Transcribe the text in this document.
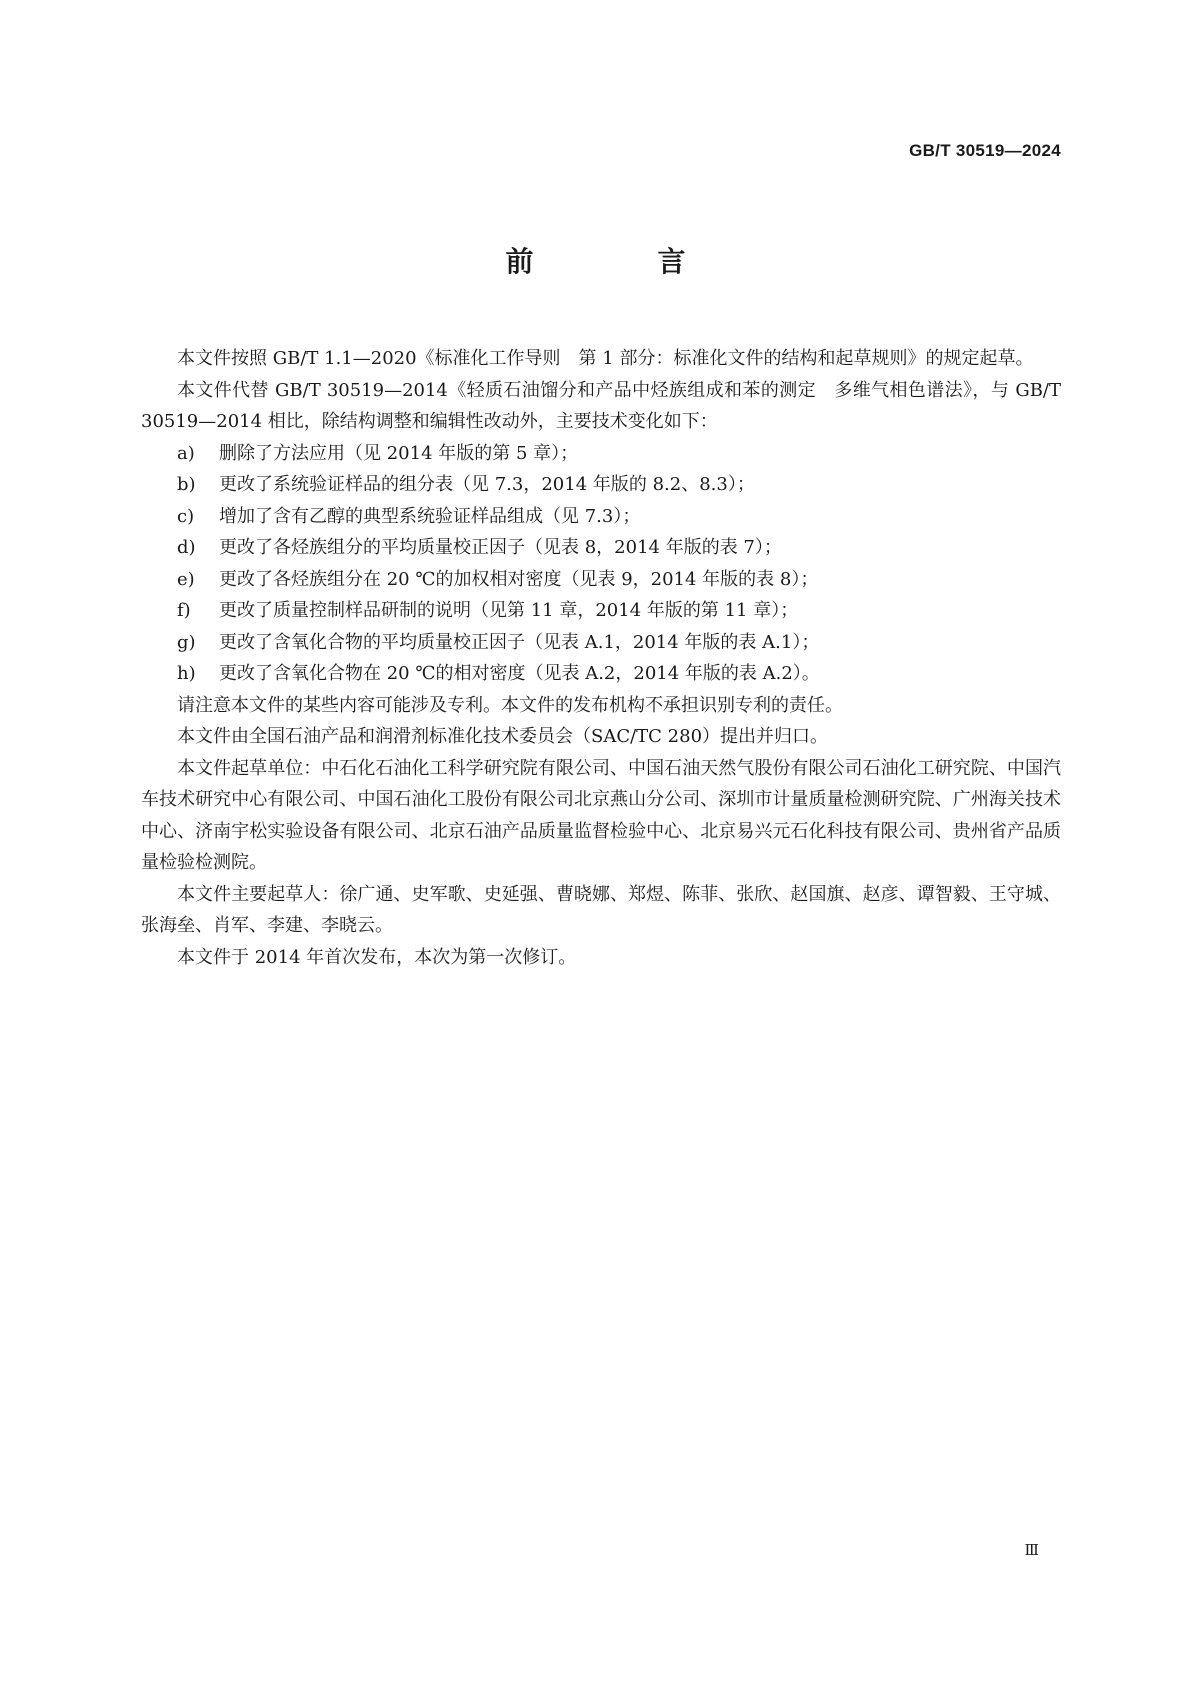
GB/T 30519—2024
前　言

本文件按照 GB/T 1.1—2020《标准化工作导则　第 1 部分：标准化文件的结构和起草规则》的规定起草。

本文件代替 GB/T 30519—2014《轻质石油馏分和产品中烃族组成和苯的测定　多维气相色谱法》，与 GB/T 30519—2014 相比，除结构调整和编辑性改动外，主要技术变化如下：

a)	删除了方法应用（见 2014 年版的第 5 章）；
b)	更改了系统验证样品的组分表（见 7.3，2014 年版的 8.2、8.3）；
c)	增加了含有乙醇的典型系统验证样品组成（见 7.3）；
d)	更改了各烃族组分的平均质量校正因子（见表 8，2014 年版的表 7）；
e)	更改了各烃族组分在 20 ℃的加权相对密度（见表 9，2014 年版的表 8）；
f)	更改了质量控制样品研制的说明（见第 11 章，2014 年版的第 11 章）；
g)	更改了含氧化合物的平均质量校正因子（见表 A.1，2014 年版的表 A.1）；
h)	更改了含氧化合物在 20 ℃的相对密度（见表 A.2，2014 年版的表 A.2）。

请注意本文件的某些内容可能涉及专利。本文件的发布机构不承担识别专利的责任。

本文件由全国石油产品和润滑剂标准化技术委员会（SAC/TC 280）提出并归口。

本文件起草单位：中石化石油化工科学研究院有限公司、中国石油天然气股份有限公司石油化工研究院、中国汽车技术研究中心有限公司、中国石油化工股份有限公司北京燕山分公司、深圳市计量质量检测研究院、广州海关技术中心、济南宇松实验设备有限公司、北京石油产品质量监督检验中心、北京易兴元石化科技有限公司、贵州省产品质量检验检测院。

本文件主要起草人：徐广通、史军歌、史延强、曹晓娜、郑煜、陈菲、张欣、赵国旗、赵彦、谭智毅、王守城、张海垒、肖军、李建、李晓云。

本文件于 2014 年首次发布，本次为第一次修订。

Ⅲ
